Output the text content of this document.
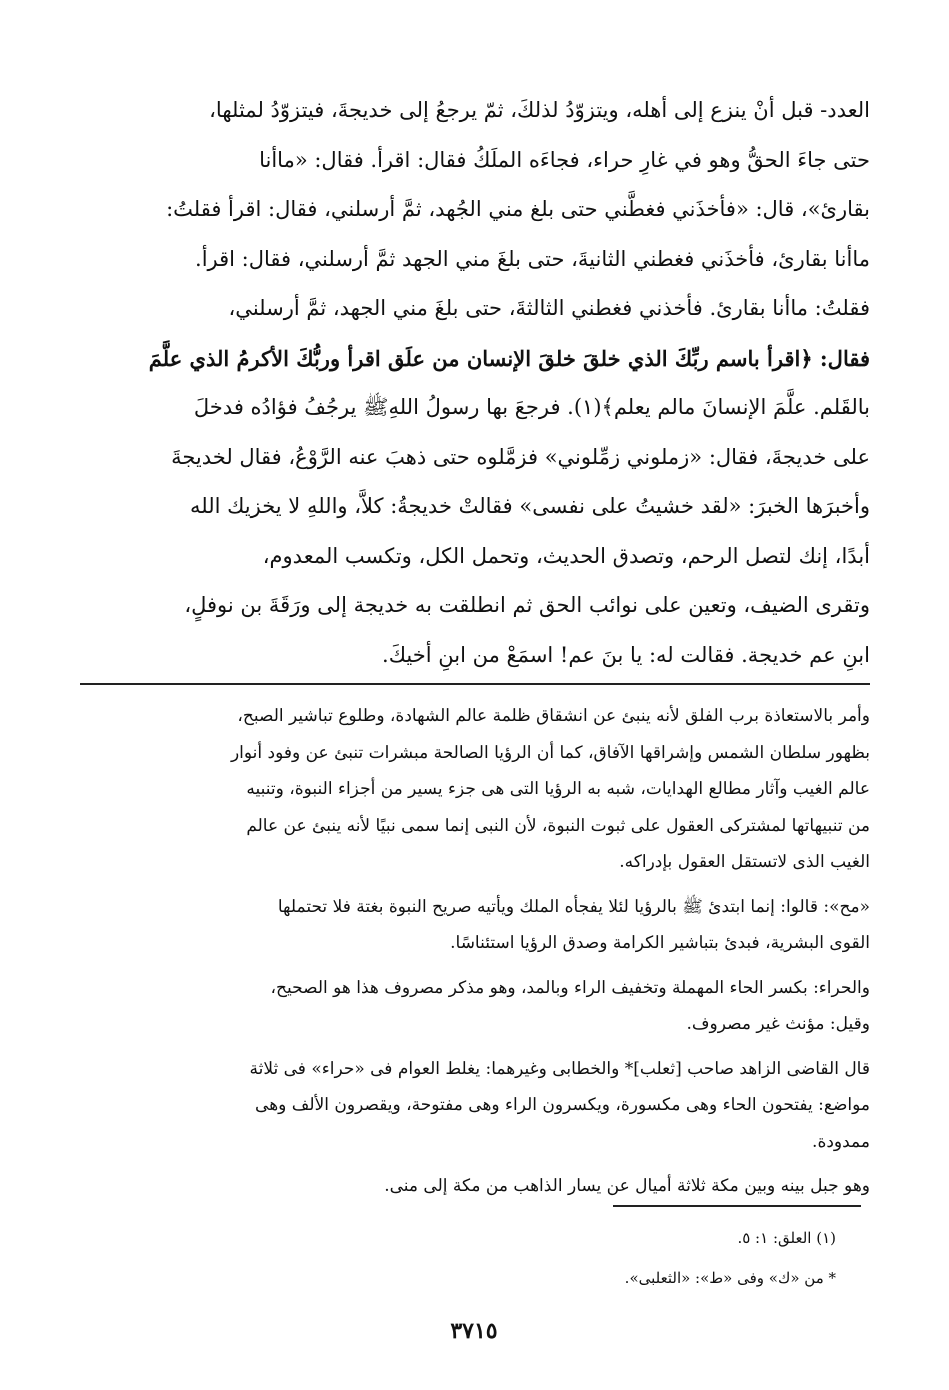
العدد- قبل أنْ ينزع إلى أهله، ويتزوّدُ لذلكَ، ثمّ يرجعُ إلى خديجةَ، فيتزوّدُ لمثلها،
حتى جاءَ الحقُّ وهو في غارِ حراء، فجاءَه الملَكُ فقال: اقرأ. فقال: «ماأنا
بقارئ»، قال: «فأخذَني فغطَّني حتى بلغ مني الجُهد، ثمَّ أرسلني، فقال: اقرأ فقلتُ:
ماأنا بقارئ، فأخذَني فغطني الثانيةَ، حتى بلغَ مني الجهد ثمَّ أرسلني، فقال: اقرأ.
فقلتُ: ماأنا بقارئ. فأخذني فغطني الثالثةَ، حتى بلغَ مني الجهد، ثمَّ أرسلني،
فقال: ﴿اقرأ باسم ربِّكَ الذي خلقَ خلقَ الإنسان من علَق اقرأ وربُّكَ الأكرمُ الذي علَّمَ
بالقَلم. علَّمَ الإنسانَ مالم يعلم﴾(١). فرجعَ بها رسولُ اللهِﷺ يرجُفُ فؤادُه فدخلَ
على خديجةَ، فقال: «زملوني زمِّلوني» فزمَّلوه حتى ذهبَ عنه الرَّوْعُ، فقال لخديجةَ
وأخبرَها الخبرَ: «لقد خشيتُ على نفسى» فقالتْ خديجةُ: كلاَّ، واللهِ لا يخزيك الله
أبدًا، إنك لتصل الرحم، وتصدق الحديث، وتحمل الكل، وتكسب المعدوم،
وتقرى الضيف، وتعين على نوائب الحق ثم انطلقت به خديجة إلى ورَقَةَ بن نوفلٍ،
ابنِ عم خديجة. فقالت له: يا بنَ عم! اسمَعْ من ابنِ أخيكَ.
وأمر بالاستعاذة برب الفلق لأنه ينبئ عن انشقاق ظلمة عالم الشهادة، وطلوع تباشير الصبح،
بظهور سلطان الشمس وإشراقها الآفاق، كما أن الرؤيا الصالحة مبشرات تنبئ عن وفود أنوار
عالم الغيب وآثار مطالع الهدايات، شبه به الرؤيا التى هى جزء يسير من أجزاء النبوة، وتنبيه
من تنبيهاتها لمشتركى العقول على ثبوت النبوة، لأن النبى إنما سمى نبيًا لأنه ينبئ عن عالم
الغيب الذى لاتستقل العقول بإدراكه.
«مح»: قالوا: إنما ابتدئ ﷺ بالرؤيا لئلا يفجأه الملك ويأتيه صريح النبوة بغتة فلا تحتملها
القوى البشرية، فبدئ بتباشير الكرامة وصدق الرؤيا استئناسًا.
والحراء: بكسر الحاء المهملة وتخفيف الراء وبالمد، وهو مذكر مصروف هذا هو الصحيح،
وقيل: مؤنث غير مصروف.
قال القاضى الزاهد صاحب [ثعلب]* والخطابى وغيرهما: يغلط العوام فى «حراء» فى ثلاثة
مواضع: يفتحون الحاء وهى مكسورة، ويكسرون الراء وهى مفتوحة، ويقصرون الألف وهى
ممدودة.
وهو جبل بينه وبين مكة ثلاثة أميال عن يسار الذاهب من مكة إلى منى.
(١) العلق: ١: ٥.
* من «ك» وفى «ط»: «الثعلبى».
٣٧١٥
